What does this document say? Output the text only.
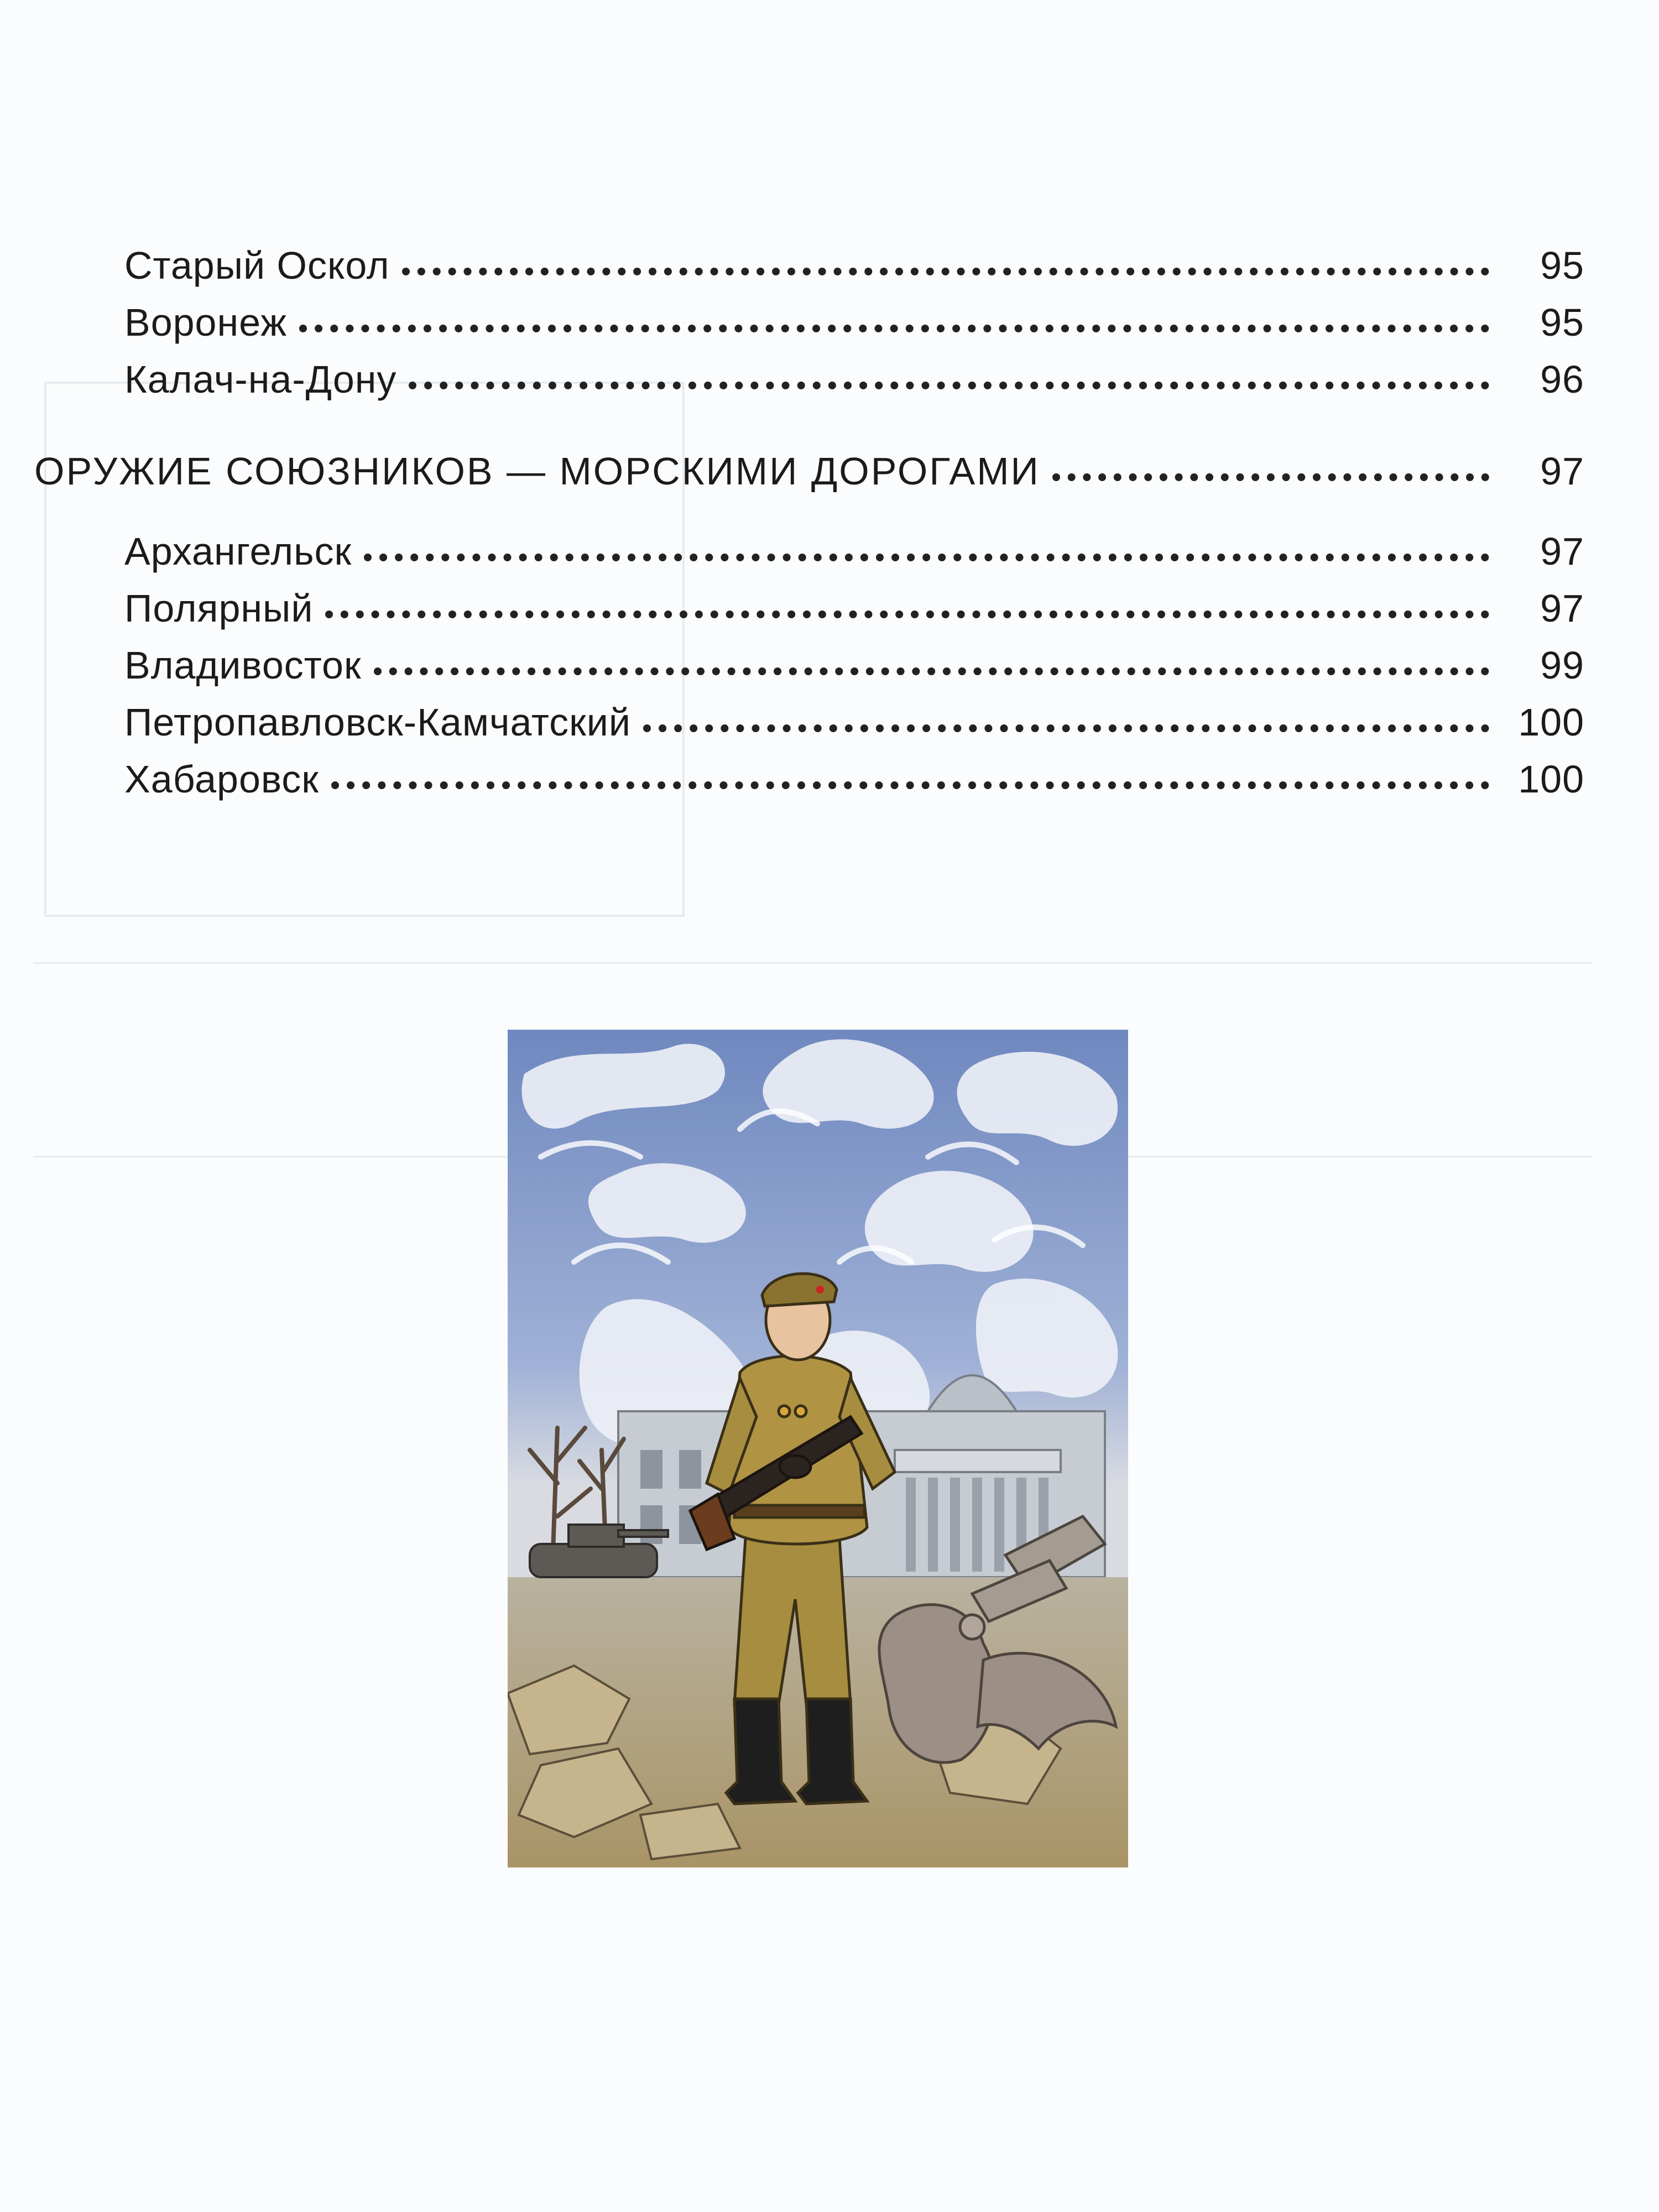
Старый Оскол	95
Воронеж	95
Калач-на-Дону	96
ОРУЖИЕ СОЮЗНИКОВ — МОРСКИМИ ДОРОГАМИ	97
Архангельск	97
Полярный	97
Владивосток	99
Петропавловск-Камчатский	100
Хабаровск	100
